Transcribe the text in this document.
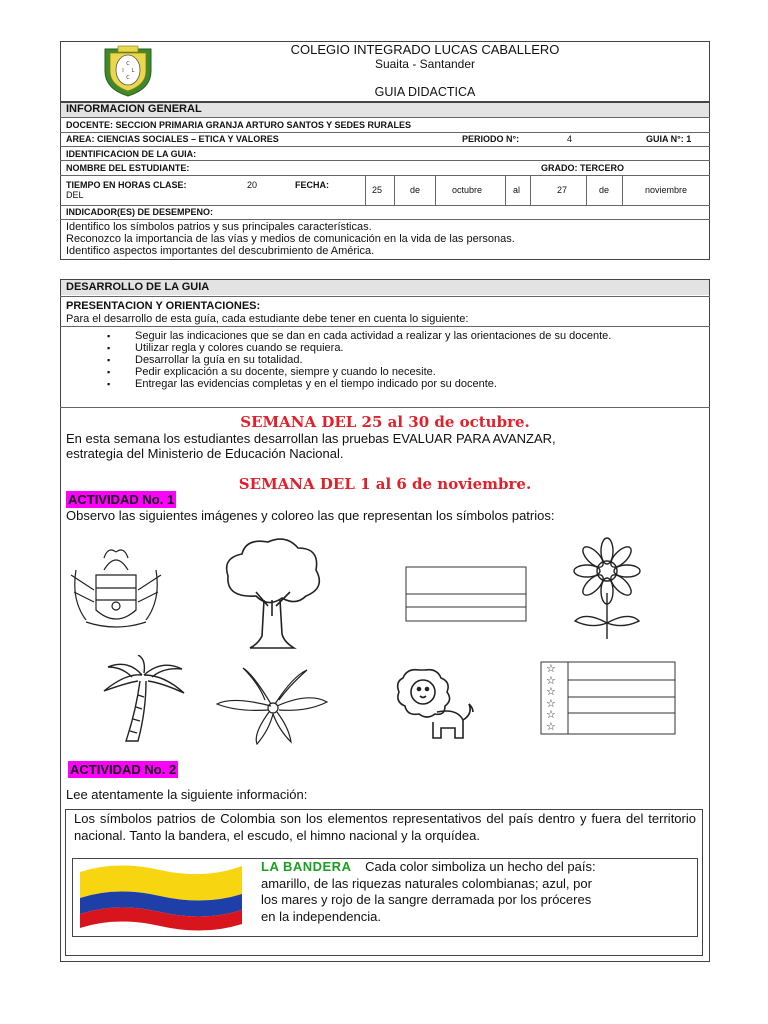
C
I L
C
COLEGIO INTEGRADO LUCAS CABALLERO
Suaita - Santander
GUIA DIDACTICA
INFORMACION GENERAL
DOCENTE: SECCION PRIMARIA GRANJA ARTURO SANTOS Y SEDES RURALES
AREA: CIENCIAS SOCIALES – ETICA Y VALORES	PERIODO N°:	4	GUIA N°: 1
IDENTIFICACION DE LA GUIA:
NOMBRE DEL ESTUDIANTE:	GRADO: TERCERO
TIEMPO EN HORAS CLASE:
DEL
20	FECHA:	25	de	octubre	al	27	de	noviembre
INDICADOR(ES) DE DESEMPENO:
Identifico los símbolos patrios y sus principales características.
Reconozco la importancia de las vías y medios de comunicación en la vida de las personas.
Identifico aspectos importantes del descubrimiento de América.
DESARROLLO DE LA GUIA
PRESENTACION Y ORIENTACIONES:
Para el desarrollo de esta guía, cada estudiante debe tener en cuenta lo siguiente:
▪ Seguir las indicaciones que se dan en cada actividad a realizar y las orientaciones de su docente.
▪ Utilizar regla y colores cuando se requiera.
▪ Desarrollar la guía en su totalidad.
▪ Pedir explicación a su docente, siempre y cuando lo necesite.
▪ Entregar las evidencias completas y en el tiempo indicado por su docente.
SEMANA DEL 25 al 30 de octubre.
En esta semana los estudiantes desarrollan las pruebas EVALUAR PARA AVANZAR,
estrategia del Ministerio de Educación Nacional.
SEMANA DEL 1 al 6 de noviembre.
ACTIVIDAD No. 1
Observo las siguientes imágenes y coloreo las que representan los símbolos patrios:
☆
☆
☆
☆
☆
☆
ACTIVIDAD No. 2
Lee atentamente la siguiente información:
Los símbolos patrios de Colombia son los elementos representativos del país dentro y fuera del territorio nacional. Tanto la bandera, el escudo, el himno nacional y la orquídea.
LA BANDERA Cada color simboliza un hecho del país:
amarillo, de las riquezas naturales colombianas; azul, por
los mares y rojo de la sangre derramada por los próceres
en la independencia.
